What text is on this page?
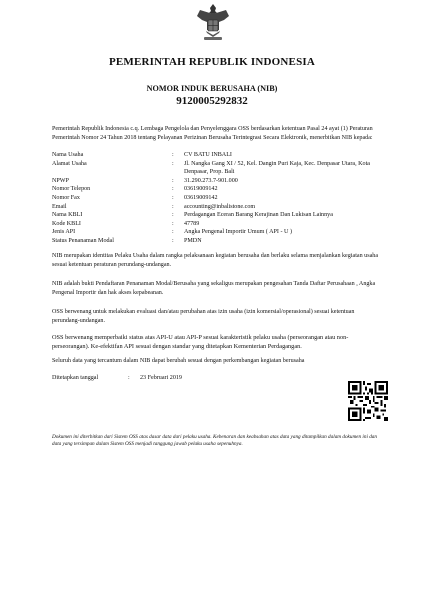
PEMERINTAH REPUBLIK INDONESIA
NOMOR INDUK BERUSAHA (NIB)
9120005292832
Pemerintah Republik Indonesia c.q. Lembaga Pengelola dan Penyelenggara OSS berdasarkan ketentuan Pasal 24 ayat (1) Peraturan Pemerintah Nomor 24 Tahun 2018 tentang Pelayanan Perizinan Berusaha Terintegrasi Secara Elektronik, menerbitkan NIB kepada:
Nama Usaha	:	CV BATU INBALI
Alamat Usaha	:	Jl. Nangka Gang XI / 52, Kel. Dangin Puri Kaja, Kec. Denpasar Utara, Kota Denpasar, Prop. Bali
NPWP	:	31.290.273.7-901.000
Nomor Telepon	:	03619009142
Nomor Fax	:	03619009142
Email	:	accounting@inbalistone.com
Nama KBLI	:	Perdagangan Eceran Barang Kerajinan Dan Lukisan Lainnya
Kode KBLI	:	47789
Jenis API	:	Angka Pengenal Importir Umum ( API - U )
Status Penanaman Modal	:	PMDN
NIB merupakan identitas Pelaku Usaha dalam rangka pelaksanaan kegiatan berusaha dan berlaku selama menjalankan kegiatan usaha sesuai ketentuan peraturan perundang-undangan.
NIB adalah bukti Pendaftaran Penanaman Modal/Berusaha yang sekaligus merupakan pengesahan Tanda Daftar Perusahaan , Angka Pengenal Importir dan hak akses kepabeanan.
OSS berwenang untuk melakukan evaluasi dan/atau perubahan atas izin usaha (izin komersial/operasional) sesuai ketentuan perundang-undangan.
OSS berwenang memperbaiki status atas API-U atau API-P sesuai karakteristik pelaku usaha (perseorangan atau non-perseorangan). Ke-efektifan API sesuai dengan standar yang ditetapkan Kementerian Perdagangan.
Seluruh data yang tercantum dalam NIB dapat berubah sesuai dengan perkembangan kegiatan berusaha
Ditetapkan tanggal	:	23 Februari 2019
Dokumen ini diterbitkan dari Sistem OSS atas dasar data dari pelaku usaha. Kebenaran dan keabsahan atas data yang ditampilkan dalam dokumen ini dan data yang tersimpan dalam Sistem OSS menjadi tanggung jawab pelaku usaha sepenuhnya.
